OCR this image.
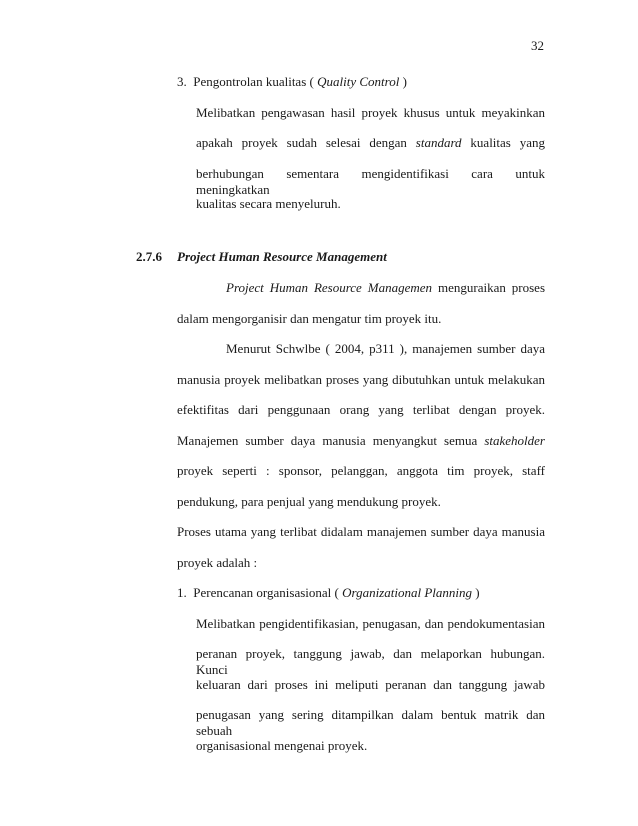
32
3. Pengontrolan kualitas ( Quality Control )
Melibatkan pengawasan hasil proyek khusus untuk meyakinkan
apakah proyek sudah selesai dengan standard kualitas yang
berhubungan sementara mengidentifikasi cara untuk meningkatkan
kualitas secara menyeluruh.
2.7.6 Project Human Resource Management
Project Human Resource Managemen menguraikan proses
dalam mengorganisir dan mengatur tim proyek itu.
Menurut Schwlbe ( 2004, p311 ), manajemen sumber daya
manusia proyek melibatkan proses yang dibutuhkan untuk melakukan
efektifitas dari penggunaan orang yang terlibat dengan proyek.
Manajemen sumber daya manusia menyangkut semua stakeholder
proyek seperti : sponsor, pelanggan, anggota tim proyek, staff
pendukung, para penjual yang mendukung proyek.
Proses utama yang terlibat didalam manajemen sumber daya manusia
proyek adalah :
1. Perencanan organisasional ( Organizational Planning )
Melibatkan pengidentifikasian, penugasan, dan pendokumentasian
peranan proyek, tanggung jawab, dan melaporkan hubungan. Kunci
keluaran dari proses ini meliputi peranan dan tanggung jawab
penugasan yang sering ditampilkan dalam bentuk matrik dan sebuah
organisasional mengenai proyek.
